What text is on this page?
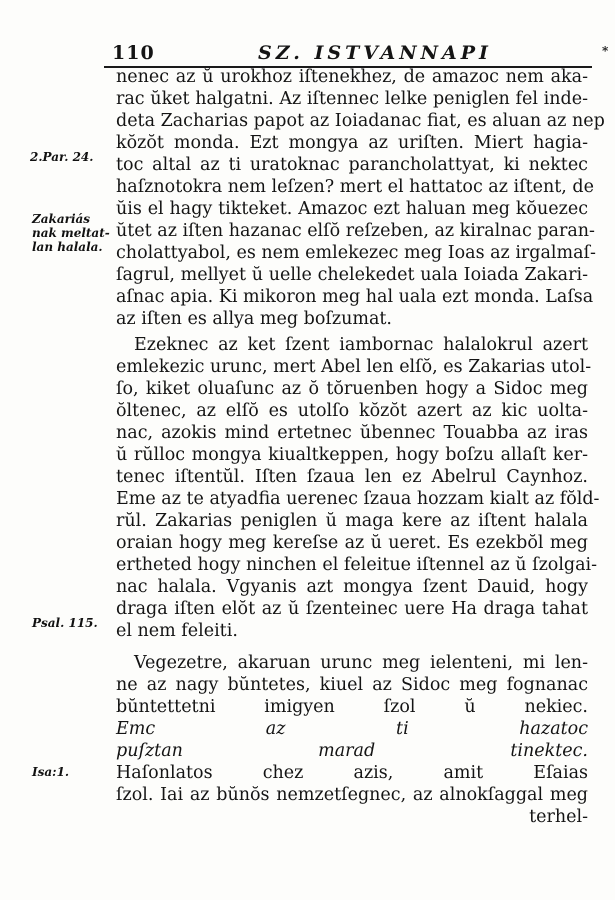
110	SZ. ISTVANNAPI	*
2.Par. 24.
Zakariás
nak meltat-
lan halala.
Psal. 115.
Isa:1.
nenec az ŭ urokhoz iſtenekhez, de amazoc nem aka-
rac ŭket halgatni. Az iſtennec lelke peniglen fel inde-
deta Zacharias papot az Ioiadanac fiat, es aluan az nep
kŏzŏt monda. Ezt mongya az uriſten. Miert hagia-
toc altal az ti uratoknac parancholattyat, ki nektec
haſznotokra nem leſzen? mert el hattatoc az iſtent, de
ŭis el hagy tikteket. Amazoc ezt haluan meg kŏuezec
ŭtet az iſten hazanac elſŏ reſzeben, az kiralnac paran-
cholattyabol, es nem emlekezec meg Ioas az irgalmaſ-
ſagrul, mellyet ŭ uelle chelekedet uala Ioiada Zakari-
aſnac apia. Ki mikoron meg hal uala ezt monda. Laſsa
az iſten es allya meg boſzumat.
Ezeknec az ket ſzent iambornac halalokrul azert
emlekezic urunc, mert Abel len elſŏ, es Zakarias utol-
ſo, kiket oluaſunc az ŏ tŏruenben hogy a Sidoc meg
ŏltenec, az elſŏ es utolſo kŏzŏt azert az kic uolta-
nac, azokis mind ertetnec ŭbennec Touabba az iras
ŭ rŭlloc mongya kiualtkeppen, hogy boſzu allaſt ker-
tenec iſtentŭl. Iſten ſzaua len ez Abelrul Caynhoz.
Eme az te atyadfia uerenec ſzaua hozzam kialt az fŏld-
rŭl. Zakarias peniglen ŭ maga kere az iſtent halala
oraian hogy meg kereſse az ŭ ueret. Es ezekbŏl meg
ertheted hogy ninchen el feleitue iſtennel az ŭ ſzolgai-
nac halala. Vgyanis azt mongya ſzent Dauid, hogy
draga iſten elŏt az ŭ ſzenteinec uere Ha draga tahat
el nem feleiti.
Vegezetre, akaruan urunc meg ielenteni, mi len-
ne az nagy bŭntetes, kiuel az Sidoc meg fognanac
bŭntettetni imigyen ſzol ŭ nekiec.
Emc az ti hazatoc
puſztan marad tinektec.
Haſonlatos chez azis, amit Eſaias
ſzol. Iai az bŭnŏs nemzetſegnec, az alnokſaggal meg
terhel-
